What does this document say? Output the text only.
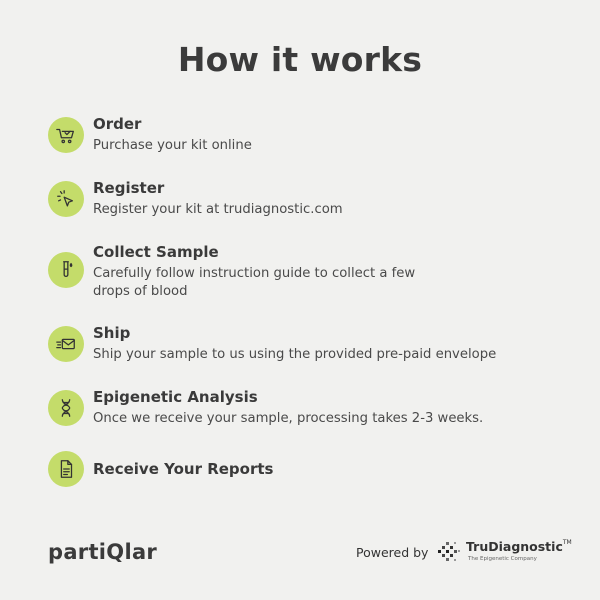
How it works
Order
Purchase your kit online
Register
Register your kit at trudiagnostic.com
Collect Sample
Carefully follow instruction guide to collect a few drops of blood
Ship
Ship your sample to us using the provided pre-paid envelope
Epigenetic Analysis
Once we receive your sample, processing takes 2-3 weeks.
Receive Your Reports
partiQlar	Powered by	TruDiagnostic™
The Epigenetic Company
